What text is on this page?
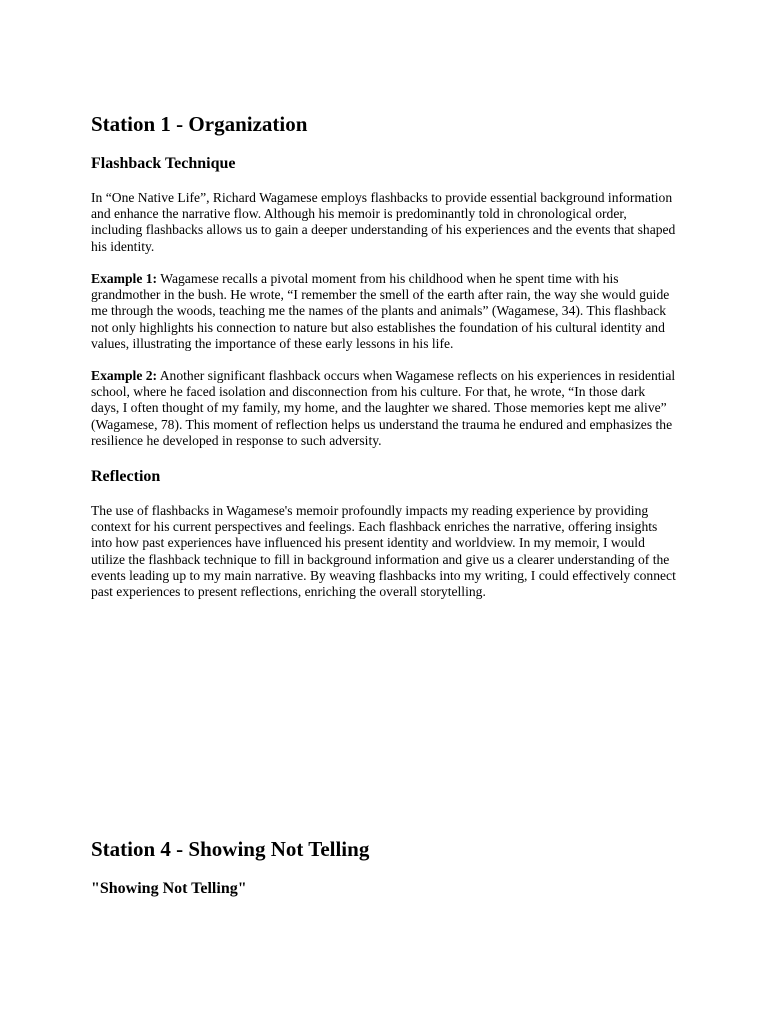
Station 1 - Organization
Flashback Technique

In “One Native Life”, Richard Wagamese employs flashbacks to provide essential background information and enhance the narrative flow. Although his memoir is predominantly told in chronological order, including flashbacks allows us to gain a deeper understanding of his experiences and the events that shaped his identity.

Example 1: Wagamese recalls a pivotal moment from his childhood when he spent time with his grandmother in the bush. He wrote, “I remember the smell of the earth after rain, the way she would guide me through the woods, teaching me the names of the plants and animals” (Wagamese, 34). This flashback not only highlights his connection to nature but also establishes the foundation of his cultural identity and values, illustrating the importance of these early lessons in his life.

Example 2: Another significant flashback occurs when Wagamese reflects on his experiences in residential school, where he faced isolation and disconnection from his culture. For that, he wrote, “In those dark days, I often thought of my family, my home, and the laughter we shared. Those memories kept me alive” (Wagamese, 78). This moment of reflection helps us understand the trauma he endured and emphasizes the resilience he developed in response to such adversity.

Reflection

The use of flashbacks in Wagamese's memoir profoundly impacts my reading experience by providing context for his current perspectives and feelings. Each flashback enriches the narrative, offering insights into how past experiences have influenced his present identity and worldview. In my memoir, I would utilize the flashback technique to fill in background information and give us a clearer understanding of the events leading up to my main narrative. By weaving flashbacks into my writing, I could effectively connect past experiences to present reflections, enriching the overall storytelling.

Station 4 - Showing Not Telling
"Showing Not Telling"
